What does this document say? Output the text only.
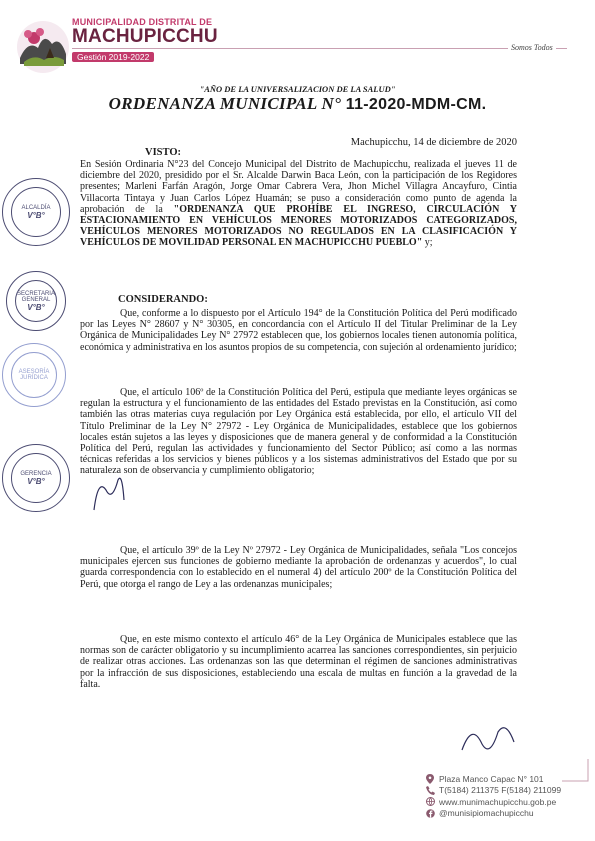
MUNICIPALIDAD DISTRITAL DE
MACHUPICCHU
Gestión 2019-2022
Somos Todos
"AÑO DE LA UNIVERSALIZACION DE LA SALUD"
ORDENANZA MUNICIPAL N° 11-2020-MDM-CM.
Machupicchu, 14 de diciembre de 2020
VISTO:

En Sesión Ordinaria N°23 del Concejo Municipal del Distrito de Machupicchu, realizada el jueves 11 de diciembre del 2020, presidido por el Sr. Alcalde Darwin Baca León, con la participación de los Regidores presentes; Marleni Farfán Aragón, Jorge Omar Cabrera Vera, Jhon Michel Villagra Ancayfuro, Cintia Villacorta Tintaya y Juan Carlos López Huamán; se puso a consideración como punto de agenda la aprobación de la "ORDENANZA QUE PROHÍBE EL INGRESO, CIRCULACIÓN Y ESTACIONAMIENTO EN VEHÍCULOS MENORES MOTORIZADOS CATEGORIZADOS, VEHÍCULOS MENORES MOTORIZADOS NO REGULADOS EN LA CLASIFICACIÓN Y VEHÍCULOS DE MOVILIDAD PERSONAL EN MACHUPICCHU PUEBLO" y;

CONSIDERANDO:

Que, conforme a lo dispuesto por el Artículo 194° de la Constitución Política del Perú modificado por las Leyes N° 28607 y N° 30305, en concordancia con el Artículo II del Titular Preliminar de la Ley Orgánica de Municipalidades Ley N° 27972 establecen que, los gobiernos locales tienen autonomía política, económica y administrativa en los asuntos propios de su competencia, con sujeción al ordenamiento jurídico;

Que, el artículo 106º de la Constitución Política del Perú, estipula que mediante leyes orgánicas se regulan la estructura y el funcionamiento de las entidades del Estado previstas en la Constitución, así como también las otras materias cuya regulación por Ley Orgánica está establecida, por ello, el artículo VII del Título Preliminar de la Ley N° 27972 - Ley Orgánica de Municipalidades, establece que los gobiernos locales están sujetos a las leyes y disposiciones que de manera general y de conformidad a la Constitución Política del Perú, regulan las actividades y funcionamiento del Sector Público; así como a las normas técnicas referidas a los servicios y bienes públicos y a los sistemas administrativos del Estado que por su naturaleza son de observancia y cumplimiento obligatorio;

Que, el artículo 39º de la Ley Nº 27972 - Ley Orgánica de Municipalidades, señala "Los concejos municipales ejercen sus funciones de gobierno mediante la aprobación de ordenanzas y acuerdos", lo cual guarda correspondencia con lo establecido en el numeral 4) del artículo 200º de la Constitución Política del Perú, que otorga el rango de Ley a las ordenanzas municipales;

Que, en este mismo contexto el artículo 46° de la Ley Orgánica de Municipales establece que las normas son de carácter obligatorio y su incumplimiento acarrea las sanciones correspondientes, sin perjuicio de realizar otras acciones. Las ordenanzas son las que determinan el régimen de sanciones administrativas por la infracción de sus disposiciones, estableciendo una escala de multas en función a la gravedad de la falta.

ALCALDÍA
V°B°
SECRETARIA GENERAL
V°B°
ASESORÍA JURÍDICA
GERENCIA
V°B°
Plaza Manco Capac N° 101
T(5184) 211375 F(5184) 211099
www.munimachupicchu.gob.pe
@munisipiomachupicchu
